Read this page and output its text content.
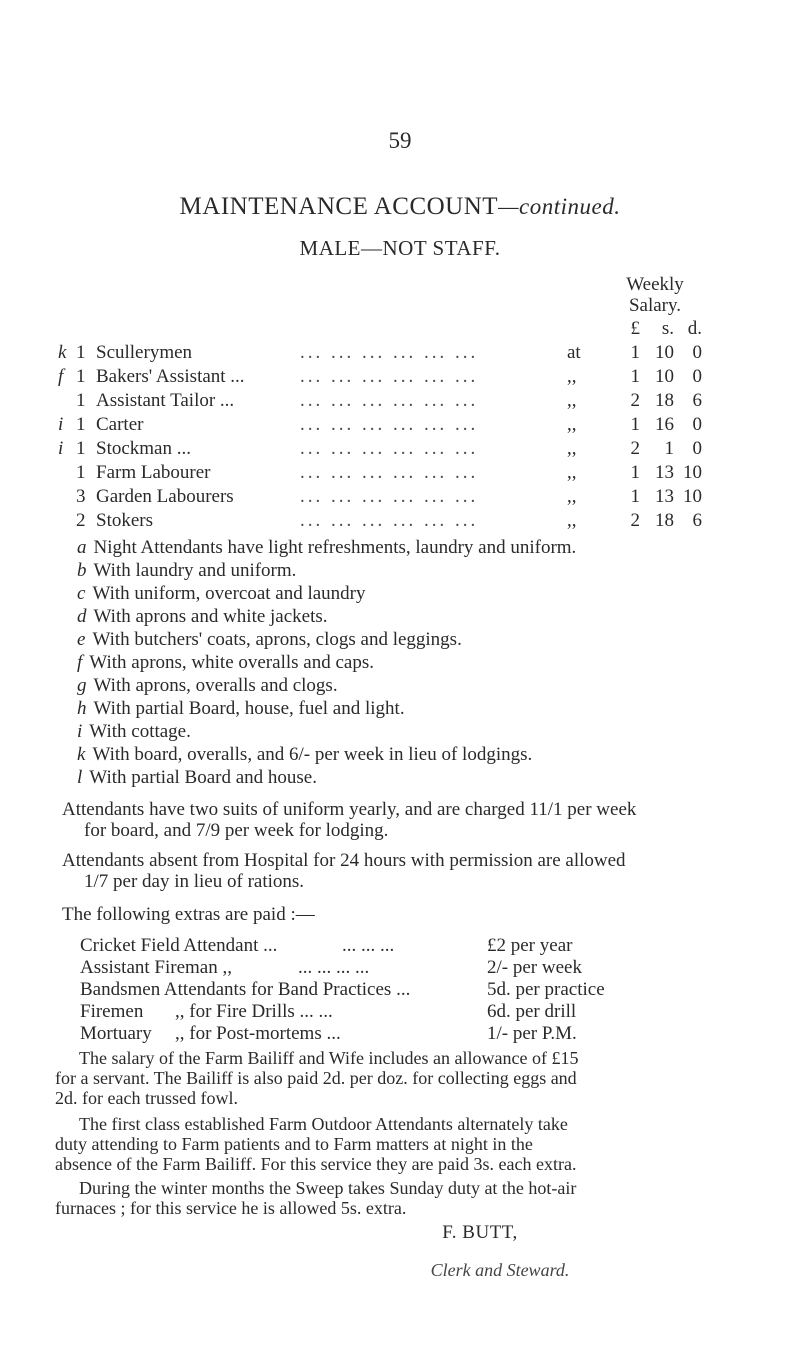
59
MAINTENANCE ACCOUNT—continued.
MALE—NOT STAFF.
Weekly
Salary.
£	s. d.
k 1 Scullerymen	... ... ... ... ... ...	at	1 10 0
f 1 Bakers' Assistant ...	... ... ... ... ... ...	,,	1 10 0
1 Assistant Tailor ...	... ... ... ... ... ...	,,	2 18 6
i 1 Carter	... ... ... ... ... ...	,,	1 16 0
i 1 Stockman ...	... ... ... ... ... ...	,,	2	1 0
1 Farm Labourer	... ... ... ... ... ...	,,	1 13 10
3 Garden Labourers	... ... ... ... ... ...	,,	1 13 10
2 Stokers	... ... ... ... ... ...	,,	2 18 6
a Night Attendants have light refreshments, laundry and uniform.
b With laundry and uniform.
c With uniform, overcoat and laundry
d With aprons and white jackets.
e With butchers' coats, aprons, clogs and leggings.
f With aprons, white overalls and caps.
g With aprons, overalls and clogs.
h With partial Board, house, fuel and light.
i With cottage.
k With board, overalls, and 6/- per week in lieu of lodgings.
l With partial Board and house.
Attendants have two suits of uniform yearly, and are charged 11/1 per week
for board, and 7/9 per week for lodging.
Attendants absent from Hospital for 24 hours with permission are allowed
1/7 per day in lieu of rations.
The following extras are paid :—
Cricket Field Attendant ...	... ... ...	£2 per year
Assistant Fireman ,,	... ... ... ...	2/- per week
Bandsmen Attendants for Band Practices ...	5d. per practice
Firemen ,, for Fire Drills ... ...	6d. per drill
Mortuary ,, for Post-mortems ...	1/- per P.M.
The salary of the Farm Bailiff and Wife includes an allowance of £15
for a servant. The Bailiff is also paid 2d. per doz. for collecting eggs and
2d. for each trussed fowl.
The first class established Farm Outdoor Attendants alternately take
duty attending to Farm patients and to Farm matters at night in the
absence of the Farm Bailiff. For this service they are paid 3s. each extra.
During the winter months the Sweep takes Sunday duty at the hot-air
furnaces ; for this service he is allowed 5s. extra.
F. BUTT,
Clerk and Steward.
